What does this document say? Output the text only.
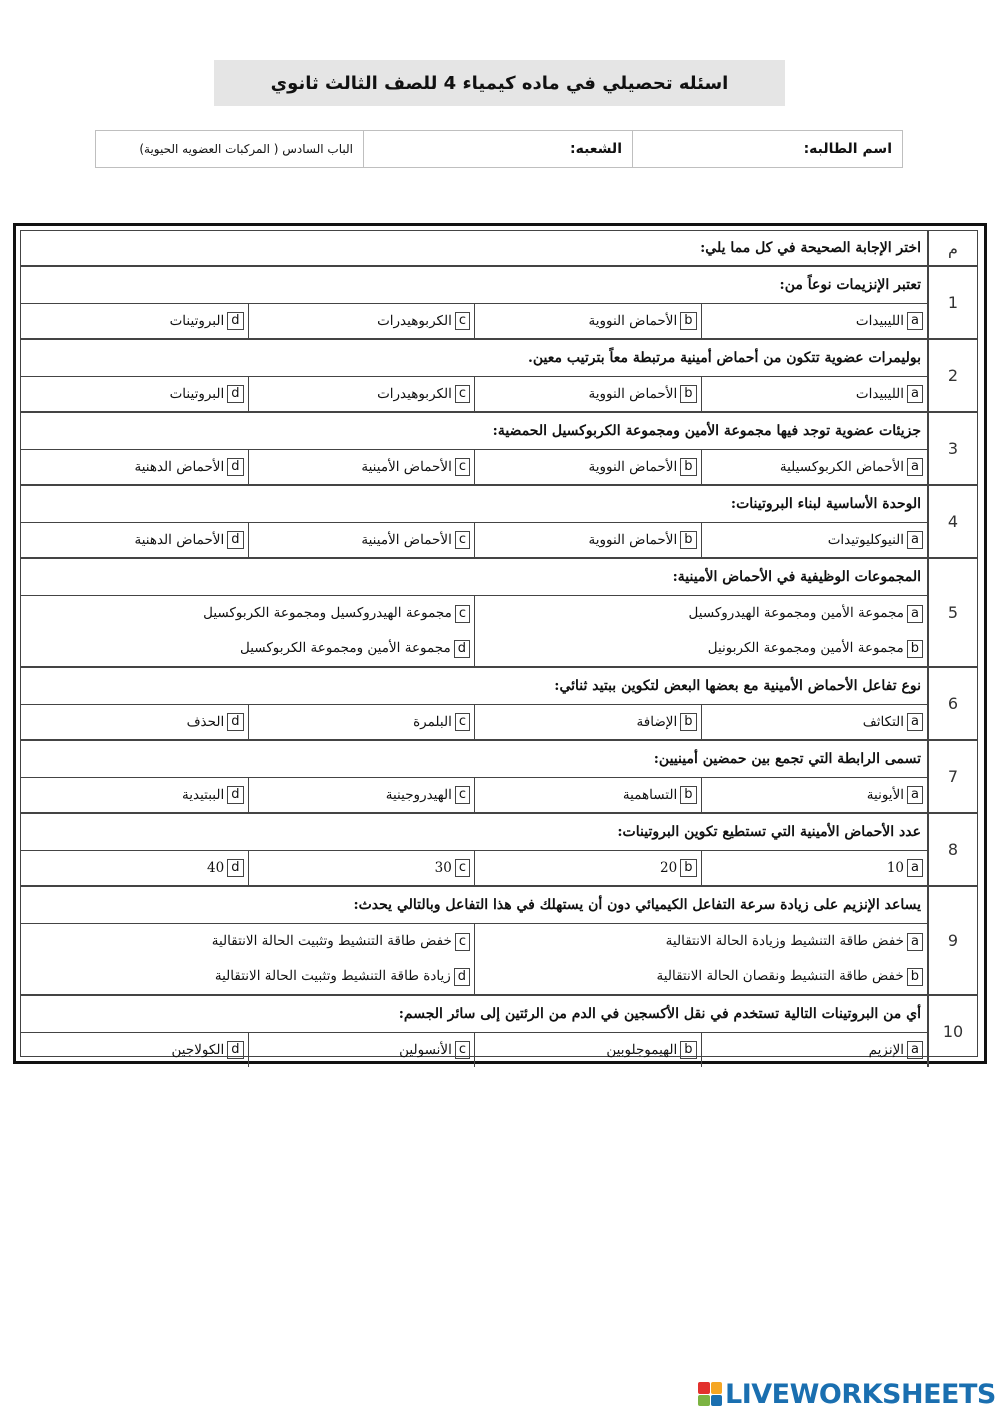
اسئله تحصيلي في ماده كيمياء 4 للصف الثالث ثانوي
اسم الطالبه:
الشعبه:
الباب السادس ( المركبات العضويه الحيوية)
م
اختر الإجابة الصحيحة في كل مما يلي:
1
تعتبر الإنزيمات نوعاً من:
a
الليبيدات
b
الأحماض النووية
c
الكربوهيدرات
d
البروتينات
2
بوليمرات عضوية تتكون من أحماض أمينية مرتبطة معاً بترتيب معين.
a
الليبيدات
b
الأحماض النووية
c
الكربوهيدرات
d
البروتينات
3
جزيئات عضوية توجد فيها مجموعة الأمين ومجموعة الكربوكسيل الحمضية:
a
الأحماض الكربوكسيلية
b
الأحماض النووية
c
الأحماض الأمينية
d
الأحماض الدهنية
4
الوحدة الأساسية لبناء البروتينات:
a
النيوكليوتيدات
b
الأحماض النووية
c
الأحماض الأمينية
d
الأحماض الدهنية
5
المجموعات الوظيفية في الأحماض الأمينية:
aمجموعة الأمين ومجموعة الهيدروكسيل
bمجموعة الأمين ومجموعة الكربونيل
cمجموعة الهيدروكسيل ومجموعة الكربوكسيل
dمجموعة الأمين ومجموعة الكربوكسيل
6
نوع تفاعل الأحماض الأمينية مع بعضها البعض لتكوين ببتيد ثنائي:
a
التكاثف
b
الإضافة
c
البلمرة
d
الحذف
7
تسمى الرابطة التي تجمع بين حمضين أمينيين:
a
الأيونية
b
التساهمية
c
الهيدروجينية
d
الببتيدية
8
عدد الأحماض الأمينية التي تستطيع تكوين البروتينات:
a
10
b
20
c
30
d
40
9
يساعد الإنزيم على زيادة سرعة التفاعل الكيميائي دون أن يستهلك في هذا التفاعل وبالتالي يحدث:
aخفض طاقة التنشيط وزيادة الحالة الانتقالية
bخفض طاقة التنشيط ونقصان الحالة الانتقالية
cخفض طاقة التنشيط وتثبيت الحالة الانتقالية
dزيادة طاقة التنشيط وتثبيت الحالة الانتقالية
10
أي من البروتينات التالية تستخدم في نقل الأكسجين في الدم من الرئتين إلى سائر الجسم:
a
الإنزيم
b
الهيموجلوبين
c
الأنسولين
d
الكولاجين
LIVEWORKSHEETS
